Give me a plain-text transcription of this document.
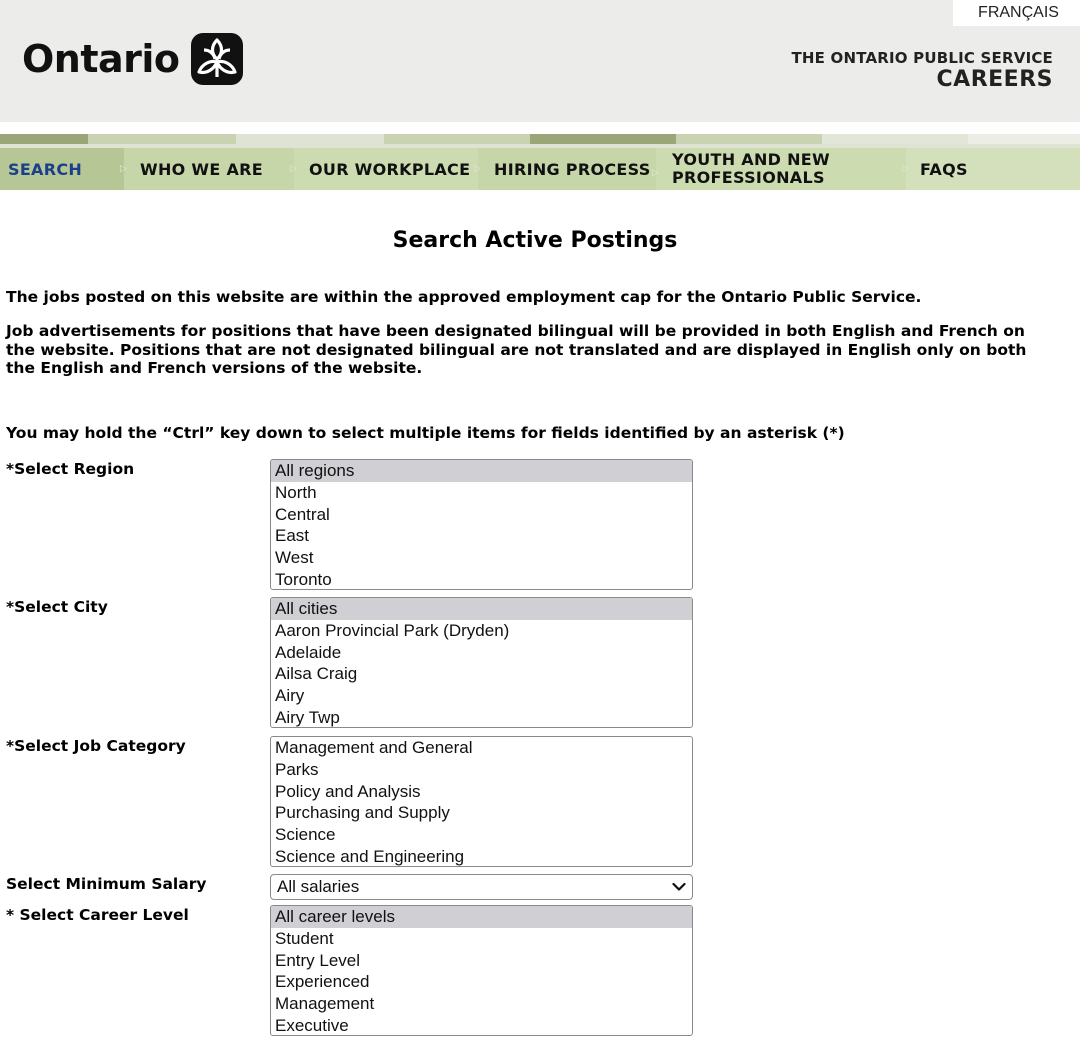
FRANÇAIS
Ontario	THE ONTARIO PUBLIC SERVICE
CAREERS
SEARCH	▷ WHO WE ARE	▷ OUR WORKPLACE ▷ HIRING PROCESS ▷
YOUTH AND NEW
PROFESSIONALS	▷ FAQS
Search Active Postings
The jobs posted on this website are within the approved employment cap for the Ontario Public Service.
Job advertisements for positions that have been designated bilingual will be provided in both English and French on the website. Positions that are not designated bilingual are not translated and are displayed in English only on both the English and French versions of the website.
You may hold the “Ctrl” key down to select multiple items for fields identified by an asterisk (*)
*Select Region	All regions
North
Central
East
West
Toronto
*Select City	All cities
Aaron Provincial Park (Dryden)
Adelaide
Ailsa Craig
Airy
Airy Twp
*Select Job Category	Management and General
Parks
Policy and Analysis
Purchasing and Supply
Science
Science and Engineering
Select Minimum Salary	All salaries
* Select Career Level	All career levels
Student
Entry Level
Experienced
Management
Executive
